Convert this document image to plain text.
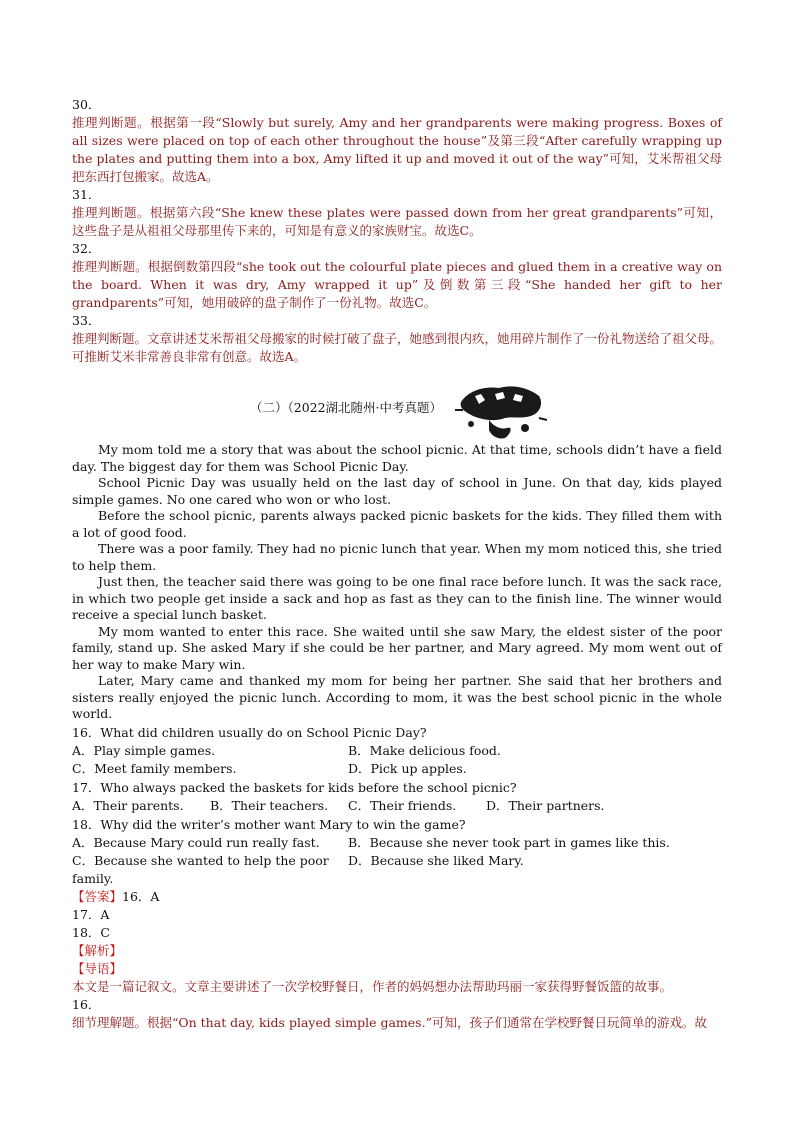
30．
推理判断题。根据第一段“Slowly but surely, Amy and her grandparents were making progress. Boxes of all sizes were placed on top of each other throughout the house”及第三段“After carefully wrapping up the plates and putting them into a box, Amy lifted it up and moved it out of the way”可知，艾米帮祖父母把东西打包搬家。故选A。
31．
推理判断题。根据第六段“She knew these plates were passed down from her great grandparents”可知，这些盘子是从祖祖父母那里传下来的，可知是有意义的家族财宝。故选C。
32．
推理判断题。根据倒数第四段“she took out the colourful plate pieces and glued them in a creative way on the board. When it was dry, Amy wrapped it up”及倒数第三段“She handed her gift to her grandparents”可知，她用破碎的盘子制作了一份礼物。故选C。
33．
推理判断题。文章讲述艾米帮祖父母搬家的时候打破了盘子，她感到很内疚，她用碎片制作了一份礼物送给了祖父母。可推断艾米非常善良非常有创意。故选A。
（二）（2022湖北随州·中考真题）
My mom told me a story that was about the school picnic. At that time, schools didn’t have a field day. The biggest day for them was School Picnic Day.
School Picnic Day was usually held on the last day of school in June. On that day, kids played simple games. No one cared who won or who lost.
Before the school picnic, parents always packed picnic baskets for the kids. They filled them with a lot of good food.
There was a poor family. They had no picnic lunch that year. When my mom noticed this, she tried to help them.
Just then, the teacher said there was going to be one final race before lunch. It was the sack race, in which two people get inside a sack and hop as fast as they can to the finish line. The winner would receive a special lunch basket.
My mom wanted to enter this race. She waited until she saw Mary, the eldest sister of the poor family, stand up. She asked Mary if she could be her partner, and Mary agreed. My mom went out of her way to make Mary win.
Later, Mary came and thanked my mom for being her partner. She said that her brothers and sisters really enjoyed the picnic lunch. According to mom, it was the best school picnic in the whole world.
16．What did children usually do on School Picnic Day?
A．Play simple games.	B．Make delicious food.
C．Meet family members.	D．Pick up apples.
17．Who always packed the baskets for kids before the school picnic?
A．Their parents.	B．Their teachers.	C．Their friends.	D．Their partners.
18．Why did the writer’s mother want Mary to win the game?
A．Because Mary could run really fast.	B．Because she never took part in games like this.
C．Because she wanted to help the poor family.
D．Because she liked Mary.
【答案】16．A
17．A
18．C
【解析】
【导语】
本文是一篇记叙文。文章主要讲述了一次学校野餐日，作者的妈妈想办法帮助玛丽一家获得野餐饭篮的故事。
16．
细节理解题。根据“On that day, kids played simple games.”可知，孩子们通常在学校野餐日玩简单的游戏。故
